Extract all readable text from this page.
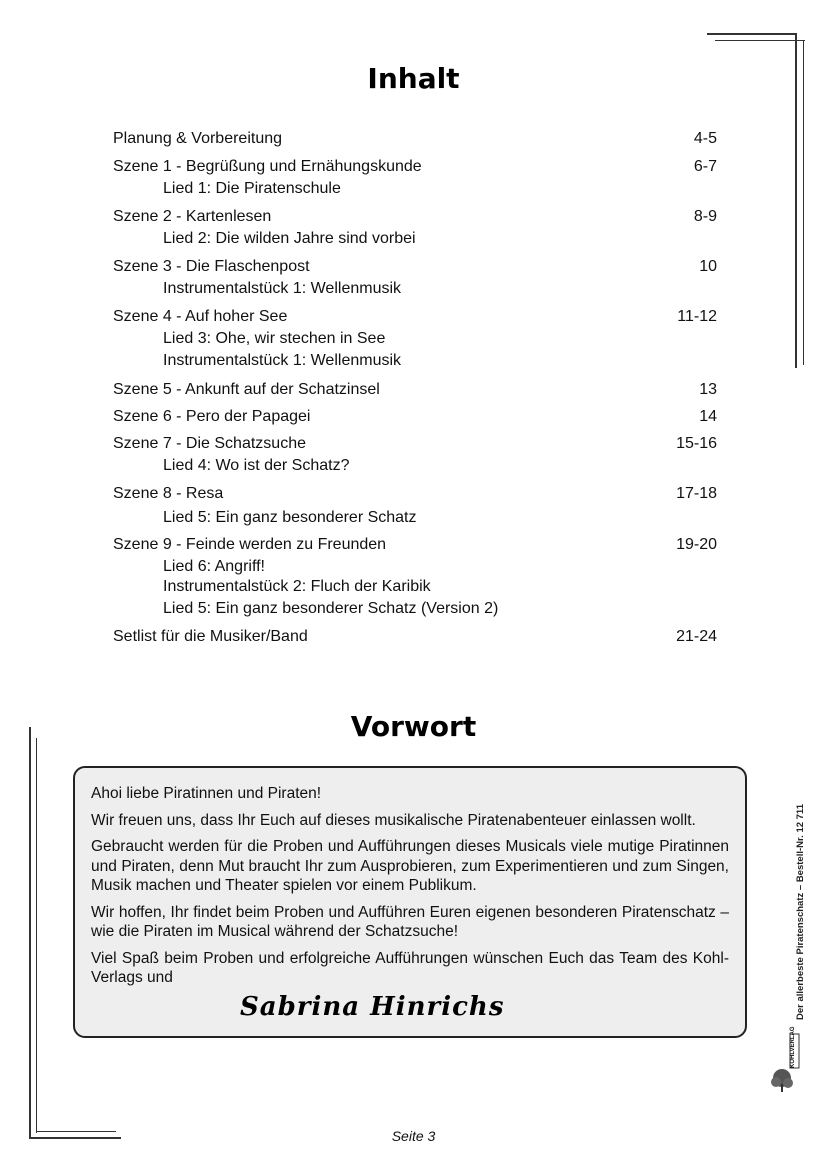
Inhalt
Planung & Vorbereitung	4-5
Szene 1 - Begrüßung und Ernähungskunde	6-7
Lied 1: Die Piratenschule
Szene 2 - Kartenlesen	8-9
Lied 2: Die wilden Jahre sind vorbei
Szene 3 - Die Flaschenpost	10
Instrumentalstück 1: Wellenmusik
Szene 4 - Auf hoher See	11-12
Lied 3: Ohe, wir stechen in See
Instrumentalstück 1: Wellenmusik
Szene 5 - Ankunft auf der Schatzinsel	13
Szene 6 - Pero der Papagei	14
Szene 7 - Die Schatzsuche	15-16
Lied 4: Wo ist der Schatz?
Szene 8 - Resa	17-18
Lied 5: Ein ganz besonderer Schatz
Szene 9 - Feinde werden zu Freunden	19-20
Lied 6: Angriff!
Instrumentalstück 2: Fluch der Karibik
Lied 5: Ein ganz besonderer Schatz (Version 2)
Setlist für die Musiker/Band	21-24
Vorwort

Ahoi liebe Piratinnen und Piraten!

Wir freuen uns, dass Ihr Euch auf dieses musikalische Piratenabenteuer einlassen wollt.

Gebraucht werden für die Proben und Aufführungen dieses Musicals viele mutige Piratinnen und Piraten, denn Mut braucht Ihr zum Ausprobieren, zum Experimentieren und zum Singen, Musik machen und Theater spielen vor einem Publikum.

Wir hoffen, Ihr findet beim Proben und Aufführen Euren eigenen besonderen Piratenschatz – wie die Piraten im Musical während der Schatzsuche!

Viel Spaß beim Proben und erfolgreiche Aufführungen wünschen Euch das Team des Kohl-Verlags und

Sabrina Hinrichs	Der allerbeste Piratenschatz – Bestell-Nr. 12 711
KOHLVERLAG
Seite 3
